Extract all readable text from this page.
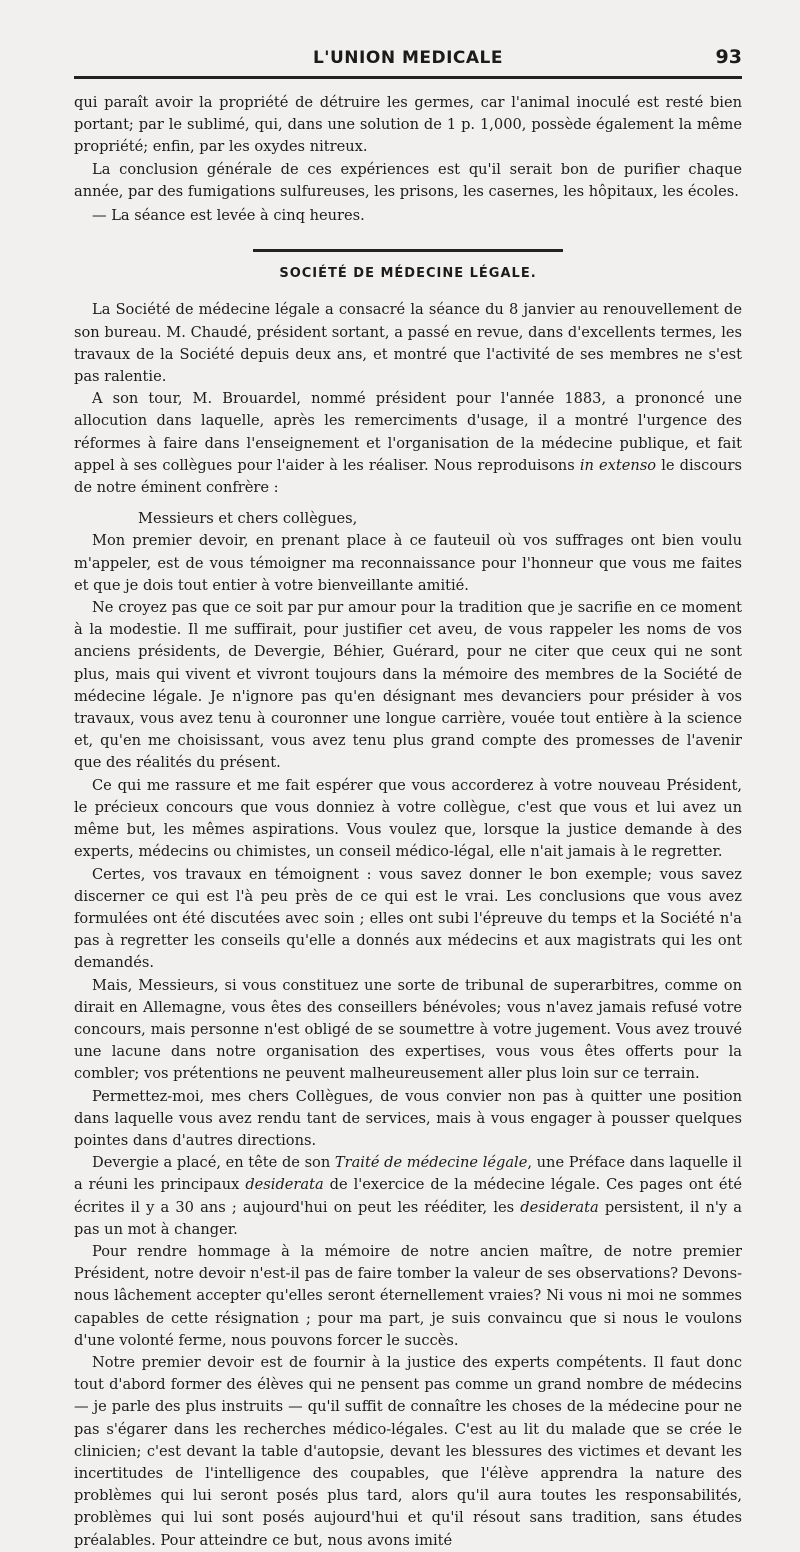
L'UNION MEDICALE	93

qui paraît avoir la propriété de détruire les germes, car l'animal inoculé est resté bien portant; par le sublimé, qui, dans une solution de 1 p. 1,000, possède également la même propriété; enfin, par les oxydes nitreux.

La conclusion générale de ces expériences est qu'il serait bon de purifier chaque année, par des fumigations sulfureuses, les prisons, les casernes, les hôpitaux, les écoles.

— La séance est levée à cinq heures.

SOCIÉTÉ DE MÉDECINE LÉGALE.

La Société de médecine légale a consacré la séance du 8 janvier au renouvellement de son bureau. M. Chaudé, président sortant, a passé en revue, dans d'excellents termes, les travaux de la Société depuis deux ans, et montré que l'activité de ses membres ne s'est pas ralentie.

A son tour, M. Brouardel, nommé président pour l'année 1883, a prononcé une allocution dans laquelle, après les remerciments d'usage, il a montré l'urgence des réformes à faire dans l'enseignement et l'organisation de la médecine publique, et fait appel à ses collègues pour l'aider à les réaliser. Nous reproduisons in extenso le discours de notre éminent confrère :

Messieurs et chers collègues,

Mon premier devoir, en prenant place à ce fauteuil où vos suffrages ont bien voulu m'appeler, est de vous témoigner ma reconnaissance pour l'honneur que vous me faites et que je dois tout entier à votre bienveillante amitié.

Ne croyez pas que ce soit par pur amour pour la tradition que je sacrifie en ce moment à la modestie. Il me suffirait, pour justifier cet aveu, de vous rappeler les noms de vos anciens présidents, de Devergie, Béhier, Guérard, pour ne citer que ceux qui ne sont plus, mais qui vivent et vivront toujours dans la mémoire des membres de la Société de médecine légale. Je n'ignore pas qu'en désignant mes devanciers pour présider à vos travaux, vous avez tenu à couronner une longue carrière, vouée tout entière à la science et, qu'en me choisissant, vous avez tenu plus grand compte des promesses de l'avenir que des réalités du présent.

Ce qui me rassure et me fait espérer que vous accorderez à votre nouveau Président, le précieux concours que vous donniez à votre collègue, c'est que vous et lui avez un même but, les mêmes aspirations. Vous voulez que, lorsque la justice demande à des experts, médecins ou chimistes, un conseil médico-légal, elle n'ait jamais à le regretter.

Certes, vos travaux en témoignent : vous savez donner le bon exemple; vous savez discerner ce qui est l'à peu près de ce qui est le vrai. Les conclusions que vous avez formulées ont été discutées avec soin ; elles ont subi l'épreuve du temps et la Société n'a pas à regretter les conseils qu'elle a donnés aux médecins et aux magistrats qui les ont demandés.

Mais, Messieurs, si vous constituez une sorte de tribunal de superarbitres, comme on dirait en Allemagne, vous êtes des conseillers bénévoles; vous n'avez jamais refusé votre concours, mais personne n'est obligé de se soumettre à votre jugement. Vous avez trouvé une lacune dans notre organisation des expertises, vous vous êtes offerts pour la combler; vos prétentions ne peuvent malheureusement aller plus loin sur ce terrain.

Permettez-moi, mes chers Collègues, de vous convier non pas à quitter une position dans laquelle vous avez rendu tant de services, mais à vous engager à pousser quelques pointes dans d'autres directions.

Devergie a placé, en tête de son Traité de médecine légale, une Préface dans laquelle il a réuni les principaux desiderata de l'exercice de la médecine légale. Ces pages ont été écrites il y a 30 ans ; aujourd'hui on peut les rééditer, les desiderata persistent, il n'y a pas un mot à changer.

Pour rendre hommage à la mémoire de notre ancien maître, de notre premier Président, notre devoir n'est-il pas de faire tomber la valeur de ses observations? Devons-nous lâchement accepter qu'elles seront éternellement vraies? Ni vous ni moi ne sommes capables de cette résignation ; pour ma part, je suis convaincu que si nous le voulons d'une volonté ferme, nous pouvons forcer le succès.

Notre premier devoir est de fournir à la justice des experts compétents. Il faut donc tout d'abord former des élèves qui ne pensent pas comme un grand nombre de médecins — je parle des plus instruits — qu'il suffit de connaître les choses de la médecine pour ne pas s'égarer dans les recherches médico-légales. C'est au lit du malade que se crée le clinicien; c'est devant la table d'autopsie, devant les blessures des victimes et devant les incertitudes de l'intelligence des coupables, que l'élève apprendra la nature des problèmes qui lui seront posés plus tard, alors qu'il aura toutes les responsabilités, problèmes qui lui sont posés aujourd'hui et qu'il résout sans tradition, sans études préalables. Pour atteindre ce but, nous avons imité
